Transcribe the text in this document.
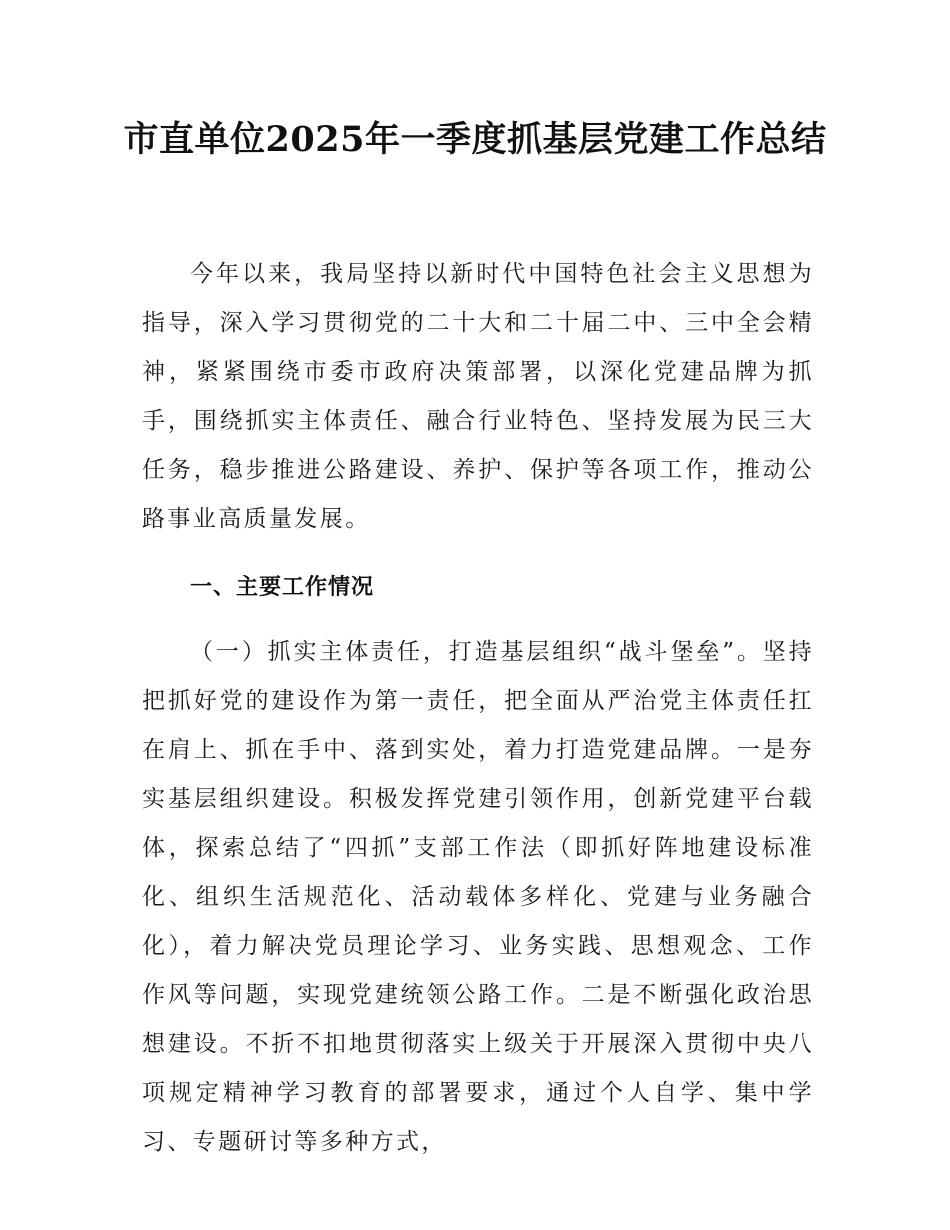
市直单位2025年一季度抓基层党建工作总结

今年以来，我局坚持以新时代中国特色社会主义思想为指导，深入学习贯彻党的二十大和二十届二中、三中全会精神，紧紧围绕市委市政府决策部署，以深化党建品牌为抓手，围绕抓实主体责任、融合行业特色、坚持发展为民三大任务，稳步推进公路建设、养护、保护等各项工作，推动公路事业高质量发展。

一、主要工作情况

（一）抓实主体责任，打造基层组织“战斗堡垒”。坚持把抓好党的建设作为第一责任，把全面从严治党主体责任扛在肩上、抓在手中、落到实处，着力打造党建品牌。一是夯实基层组织建设。积极发挥党建引领作用，创新党建平台载体，探索总结了“四抓”支部工作法（即抓好阵地建设标准化、组织生活规范化、活动载体多样化、党建与业务融合化），着力解决党员理论学习、业务实践、思想观念、工作作风等问题，实现党建统领公路工作。二是不断强化政治思想建设。不折不扣地贯彻落实上级关于开展深入贯彻中央八项规定精神学习教育的部署要求，通过个人自学、集中学习、专题研讨等多种方式，
